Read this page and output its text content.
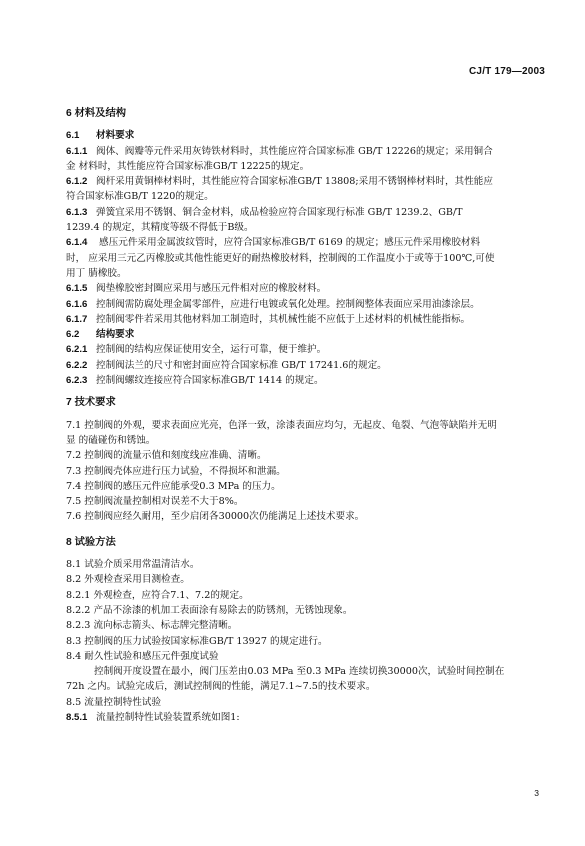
CJ/T 179—2003
6 材料及结构
6.1 材料要求
6.1.1 阀体、阀瓣等元件采用灰铸铁材料时，其性能应符合国家标准 GB/T 12226的规定；采用铜合
金 材料时，其性能应符合国家标准GB/T 12225的规定。
6.1.2 阀杆采用黄铜棒材料时，其性能应符合国家标准GB/T 13808;采用不锈钢棒材料时，其性能应
符合国家标准GB/T 1220的规定。
6.1.3 弹簧宜采用不锈钢、铜合金材料，成品检验应符合国家现行标准 GB/T 1239.2、GB/T
1239.4 的规定，其精度等级不得低于B级。
6.1.4 感压元件采用金属波纹管时，应符合国家标准GB/T 6169 的规定；感压元件采用橡胶材料
时， 应采用三元乙丙橡胶或其他性能更好的耐热橡胶材料，控制阀的工作温度小于或等于100℃,可使
用丁 腈橡胶。
6.1.5 阀垫橡胶密封圈应采用与感压元件相对应的橡胶材料。
6.1.6 控制阀需防腐处理金属零部件，应进行电镀或氧化处理。控制阀整体表面应采用油漆涂层。
6.1.7 控制阀零件若采用其他材料加工制造时，其机械性能不应低于上述材料的机械性能指标。
6.2 结构要求
6.2.1 控制阀的结构应保证使用安全，运行可靠，便于维护。
6.2.2 控制阀法兰的尺寸和密封面应符合国家标准 GB/T 17241.6的规定。
6.2.3 控制阀螺纹连接应符合国家标准GB/T 1414 的规定。
7 技术要求
7.1 控制阀的外观，要求表面应光亮，色泽一致，涂漆表面应均匀，无起皮、龟裂、气泡等缺陷并无明
显 的磕碰伤和锈蚀。
7.2 控制阀的流量示值和刻度线应准确、清晰。
7.3 控制阀壳体应进行压力试验，不得损坏和泄漏。
7.4 控制阀的感压元件应能承受0.3 MPa 的压力。
7.5 控制阀流量控制相对误差不大于8%。
7.6 控制阀应经久耐用，至少启闭各30000次仍能满足上述技术要求。
8 试验方法
8.1 试验介质采用常温清洁水。
8.2 外观检查采用目测检查。
8.2.1 外观检查，应符合7.1、7.2的规定。
8.2.2 产品不涂漆的机加工表面涂有易除去的防锈剂，无锈蚀现象。
8.2.3 流向标志箭头、标志牌完整清晰。
8.3 控制阀的压力试验按国家标准GB/T 13927 的规定进行。
8.4 耐久性试验和感压元件强度试验
控制阀开度设置在最小，阀门压差由0.03 MPa 至0.3 MPa 连续切换30000次，试验时间控制在
72h 之内。试验完成后，测试控制阀的性能，满足7.1~7.5的技术要求。
8.5 流量控制特性试验
8.5.1 流量控制特性试验装置系统如图1:
3
